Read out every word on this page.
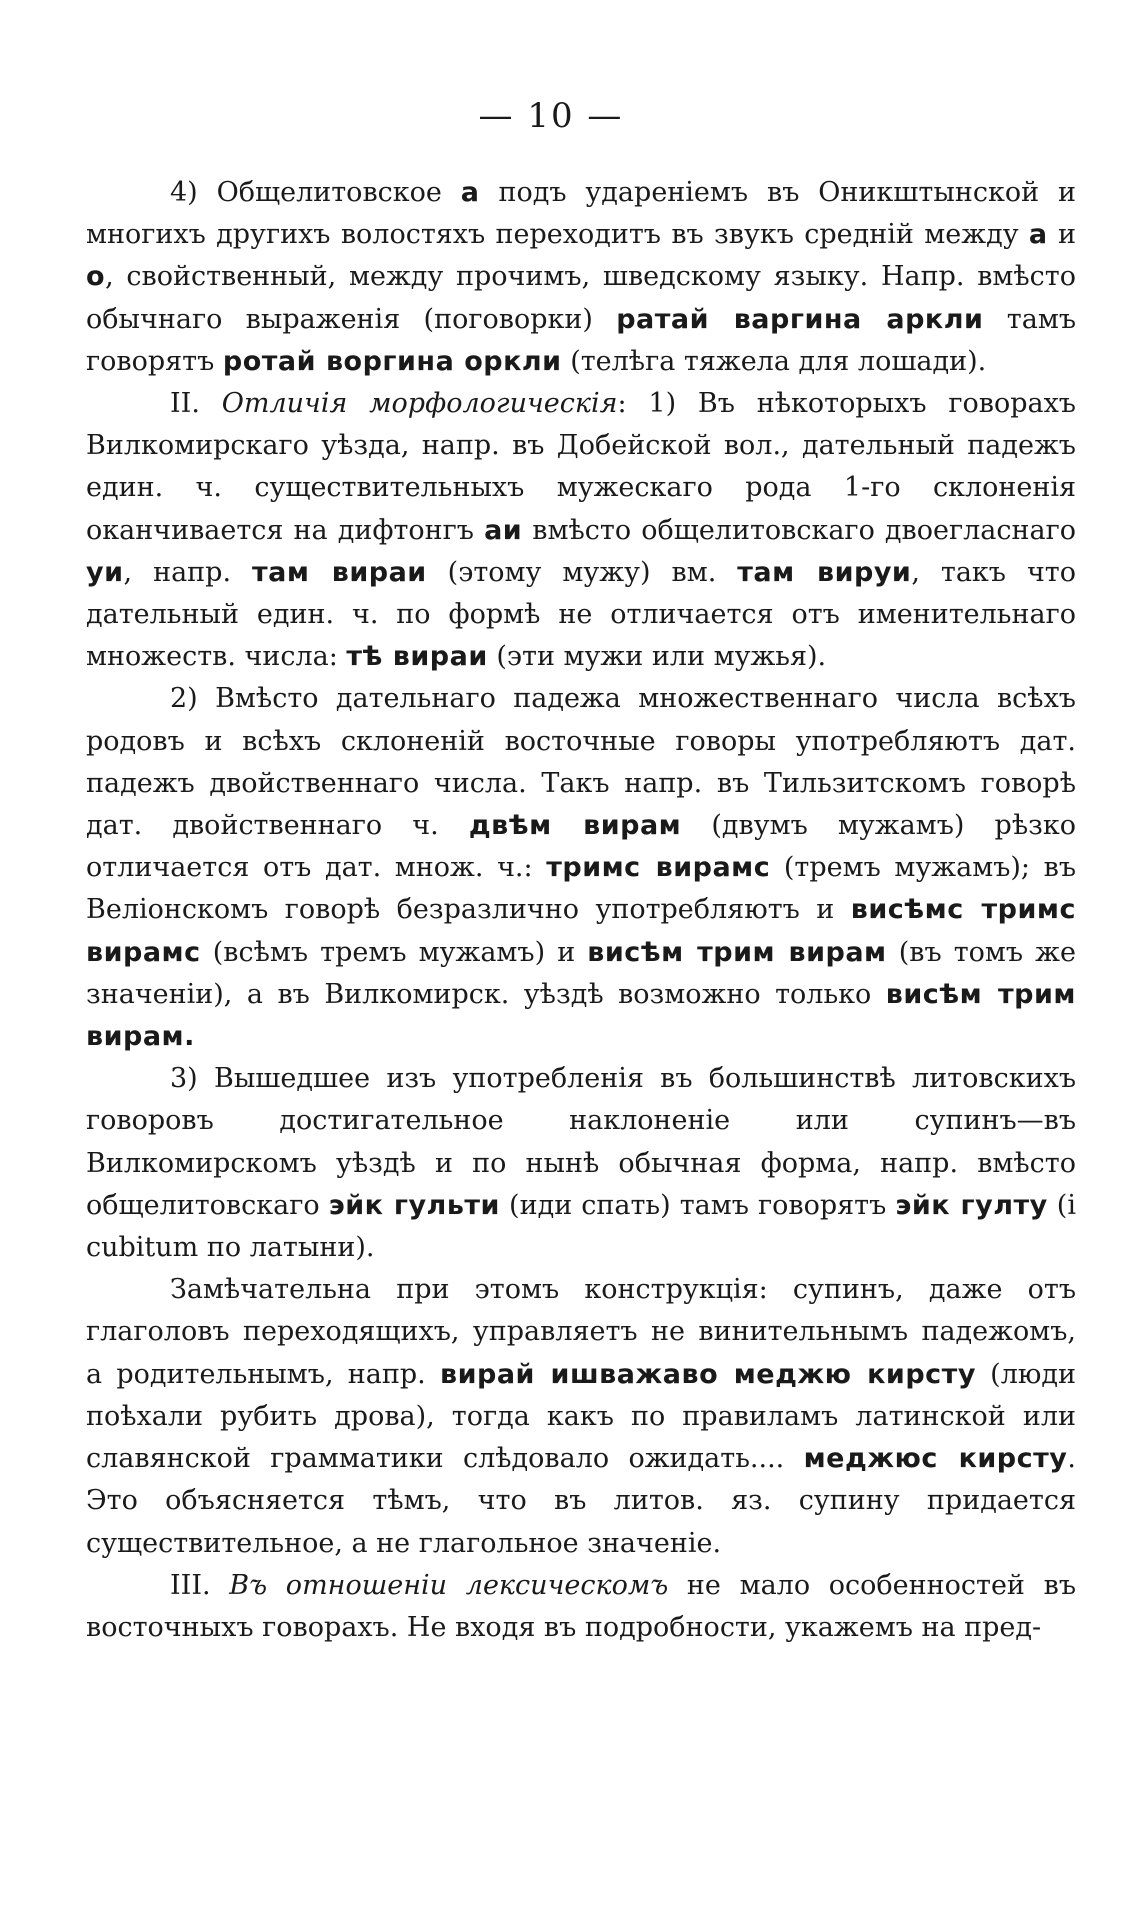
— 10 —

4) Общелитовское а подъ удареніемъ въ Оникштынской и многихъ другихъ волостяхъ переходитъ въ звукъ средній между а и о, свойственный, между прочимъ, шведскому языку. Напр. вмѣсто обычнаго выраженія (поговорки) ратай варгина аркли тамъ говорятъ ротай воргина оркли (телѣга тяжела для лошади).

II. Отличія морфологическія: 1) Въ нѣкоторыхъ говорахъ Вилкомирскаго уѣзда, напр. въ Добейской вол., дательный падежъ един. ч. существительныхъ мужескаго рода 1-го склоненія оканчивается на дифтонгъ аи вмѣсто общелитовскаго двоегласнаго уи, напр. там вираи (этому мужу) вм. там вируи, такъ что дательный един. ч. по формѣ не отличается отъ именительнаго множеств. числа: тѣ вираи (эти мужи или мужья).

2) Вмѣсто дательнаго падежа множественнаго числа всѣхъ родовъ и всѣхъ склоненій восточные говоры употребляютъ дат. падежъ двойственнаго числа. Такъ напр. въ Тильзитскомъ говорѣ дат. двойственнаго ч. двѣм вирам (двумъ мужамъ) рѣзко отличается отъ дат. множ. ч.: тримс вирамс (тремъ мужамъ); въ Веліонскомъ говорѣ безразлично употребляютъ и висѣмс тримс вирамс (всѣмъ тремъ мужамъ) и висѣм трим вирам (въ томъ же значеніи), а въ Вилкомирск. уѣздѣ возможно только висѣм трим вирам.

3) Вышедшее изъ употребленія въ большинствѣ литовскихъ говоровъ достигательное наклоненіе или супинъ—въ Вилкомирскомъ уѣздѣ и по нынѣ обычная форма, напр. вмѣсто общелитовскаго эйк гульти (иди спать) тамъ говорятъ эйк гулту (i cubitum по латыни).

Замѣчательна при этомъ конструкція: супинъ, даже отъ глаголовъ переходящихъ, управляетъ не винительнымъ падежомъ, а родительнымъ, напр. вирай ишважаво меджю кирсту (люди поѣхали рубить дрова), тогда какъ по правиламъ латинской или славянской грамматики слѣдовало ожидать.... меджюс кирсту. Это объясняется тѣмъ, что въ литов. яз. супину придается существительное, а не глагольное значеніе.

III. Въ отношеніи лексическомъ не мало особенностей въ восточныхъ говорахъ. Не входя въ подробности, укажемъ на пред-
